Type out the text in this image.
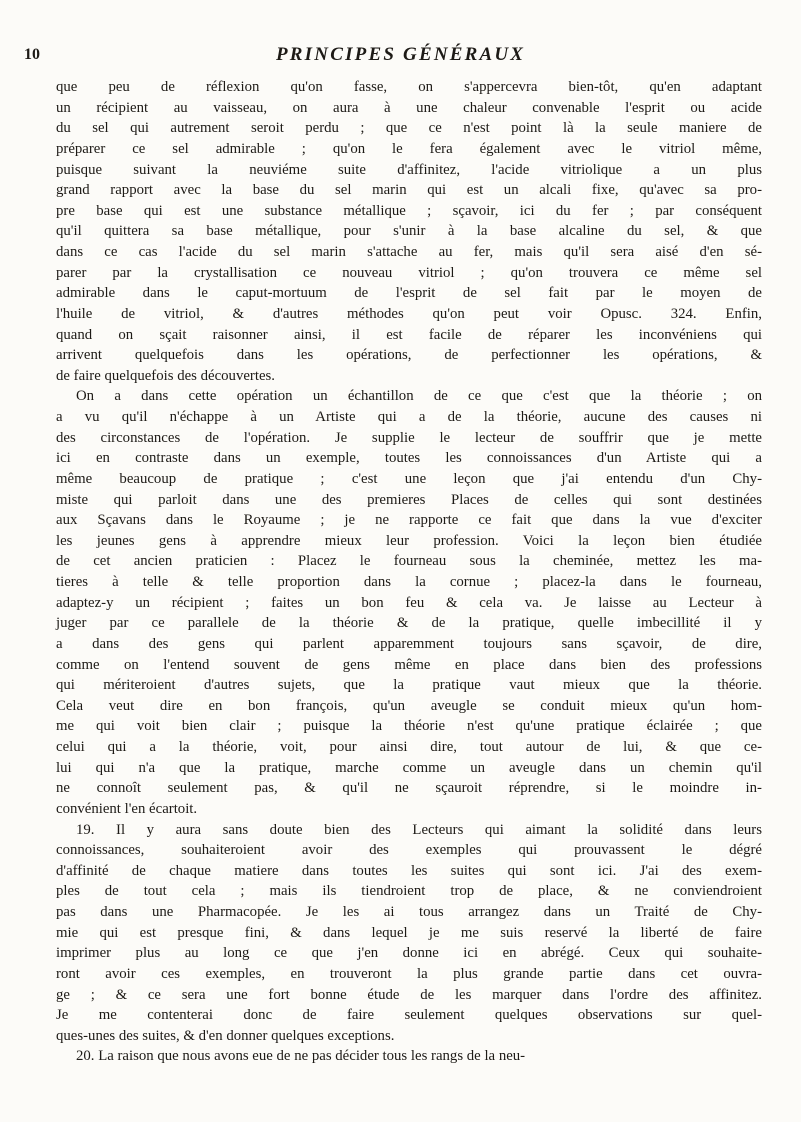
10	PRINCIPES GÉNÉRAUX
que peu de réflexion qu'on fasse, on s'appercevra bien-tôt, qu'en adaptant
un récipient au vaisseau, on aura à une chaleur convenable l'esprit ou acide
du sel qui autrement seroit perdu ; que ce n'est point là la seule maniere de
préparer ce sel admirable ; qu'on le fera également avec le vitriol même,
puisque suivant la neuviéme suite d'affinitez, l'acide vitriolique a un plus
grand rapport avec la base du sel marin qui est un alcali fixe, qu'avec sa pro-
pre base qui est une substance métallique ; sçavoir, ici du fer ; par conséquent
qu'il quittera sa base métallique, pour s'unir à la base alcaline du sel, & que
dans ce cas l'acide du sel marin s'attache au fer, mais qu'il sera aisé d'en sé-
parer par la crystallisation ce nouveau vitriol ; qu'on trouvera ce même sel
admirable dans le caput-mortuum de l'esprit de sel fait par le moyen de
l'huile de vitriol, & d'autres méthodes qu'on peut voir Opusc. 324. Enfin,
quand on sçait raisonner ainsi, il est facile de réparer les inconvéniens qui
arrivent quelquefois dans les opérations, de perfectionner les opérations, &
de faire quelquefois des découvertes.
On a dans cette opération un échantillon de ce que c'est que la théorie ; on
a vu qu'il n'échappe à un Artiste qui a de la théorie, aucune des causes ni
des circonstances de l'opération. Je supplie le lecteur de souffrir que je mette
ici en contraste dans un exemple, toutes les connoissances d'un Artiste qui a
même beaucoup de pratique ; c'est une leçon que j'ai entendu d'un Chy-
miste qui parloit dans une des premieres Places de celles qui sont destinées
aux Sçavans dans le Royaume ; je ne rapporte ce fait que dans la vue d'exciter
les jeunes gens à apprendre mieux leur profession. Voici la leçon bien étudiée
de cet ancien praticien : Placez le fourneau sous la cheminée, mettez les ma-
tieres à telle & telle proportion dans la cornue ; placez-la dans le fourneau,
adaptez-y un récipient ; faites un bon feu & cela va. Je laisse au Lecteur à
juger par ce parallele de la théorie & de la pratique, quelle imbecillité il y
a dans des gens qui parlent apparemment toujours sans sçavoir, de dire,
comme on l'entend souvent de gens même en place dans bien des professions
qui mériteroient d'autres sujets, que la pratique vaut mieux que la théorie.
Cela veut dire en bon françois, qu'un aveugle se conduit mieux qu'un hom-
me qui voit bien clair ; puisque la théorie n'est qu'une pratique éclairée ; que
celui qui a la théorie, voit, pour ainsi dire, tout autour de lui, & que ce-
lui qui n'a que la pratique, marche comme un aveugle dans un chemin qu'il
ne connoît seulement pas, & qu'il ne sçauroit réprendre, si le moindre in-
convénient l'en écartoit.
19. Il y aura sans doute bien des Lecteurs qui aimant la solidité dans leurs
connoissances, souhaiteroient avoir des exemples qui prouvassent le dégré
d'affinité de chaque matiere dans toutes les suites qui sont ici. J'ai des exem-
ples de tout cela ; mais ils tiendroient trop de place, & ne conviendroient
pas dans une Pharmacopée. Je les ai tous arrangez dans un Traité de Chy-
mie qui est presque fini, & dans lequel je me suis reservé la liberté de faire
imprimer plus au long ce que j'en donne ici en abrégé. Ceux qui souhaite-
ront avoir ces exemples, en trouveront la plus grande partie dans cet ouvra-
ge ; & ce sera une fort bonne étude de les marquer dans l'ordre des affinitez.
Je me contenterai donc de faire seulement quelques observations sur quel-
ques-unes des suites, & d'en donner quelques exceptions.
20. La raison que nous avons eue de ne pas décider tous les rangs de la neu-
